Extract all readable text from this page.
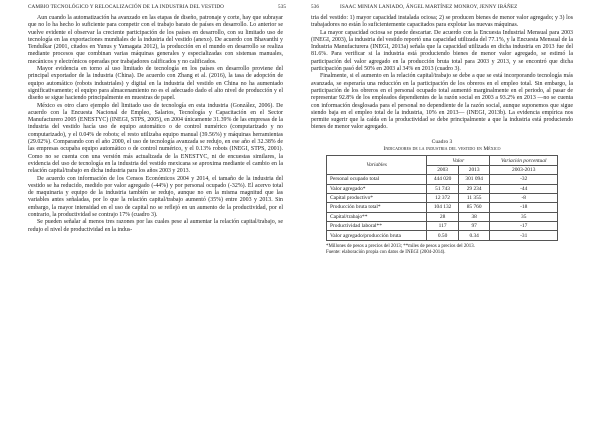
CAMBIO TECNOLÓGICO Y RELOCALIZACIÓN DE LA INDUSTRIA DEL VESTIDO	535

Aun cuando la automatización ha avanzado en las etapas de diseño, patronaje y corte, hay que subrayar que no lo ha hecho lo suficiente para competir con el trabajo barato de países en desarrollo. Lo anterior se vuelve evidente el observar la creciente participación de los países en desarrollo, con su limitado uso de tecnología en las exportaciones mundiales de la industria del vestido (anexo). De acuerdo con Bhavanthi y Tendulkar (2001, citados en Yunus y Yamagata 2012), la producción en el mundo en desarrollo se realiza mediante procesos que combinan varias máquinas generales y especializadas con sistemas manuales, mecánicos y electrónicos operadas por trabajadores calificados y no calificados.

Mayor evidencia en torno al uso limitado de tecnología en los países en desarrollo proviene del principal exportador de la industria (China). De acuerdo con Zhang et al. (2016), la tasa de adopción de equipo automático (robots industriales) y digital en la industria del vestido en China no ha aumentado significativamente; el equipo para almacenamiento no es el adecuado dado el alto nivel de producción y el diseño se sigue haciendo principalmente en muestras de papel.

México es otro claro ejemplo del limitado uso de tecnología en esta industria (González, 2006). De acuerdo con la Encuesta Nacional de Empleo, Salarios, Tecnología y Capacitación en el Sector Manufacturero 2005 (ENESTYC) (INEGI, STPS, 2005), en 2004 únicamente 31.39% de las empresas de la industria del vestido hacía uso de equipo automático o de control numérico (computarizado y no computarizado), y el 0.04% de robots; el resto utilizaba equipo manual (39.56%) y máquinas herramientas (29.02%). Comparando con el año 2000, el uso de tecnología avanzada se redujo, en ese año el 32.38% de las empresas ocupaba equipo automático o de control numérico, y el 0.13% robots (INEGI, STPS, 2001). Como no se cuenta con una versión más actualizada de la ENESTYC, ni de encuestas similares, la evidencia del uso de tecnología en la industria del vestido mexicana se aproxima mediante el cambio en la relación capital/trabajo en dicha industria para los años 2003 y 2013.

De acuerdo con información de los Censos Económicos 2004 y 2014, el tamaño de la industria del vestido se ha reducido, medido por valor agregado (-44%) y por personal ocupado (-32%). El acervo total de maquinaria y equipo de la industria también se redujo, aunque no en la misma magnitud que las variables antes señaladas, por lo que la relación capital/trabajo aumentó (35%) entre 2003 y 2013. Sin embargo, la mayor intensidad en el uso de capital no se reflejó en un aumento de la productividad, por el contrario, la productividad se contrajo 17% (cuadro 3).

Se pueden señalar al menos tres razones por las cuales pese al aumentar la relación capital/trabajo, se redujo el nivel de productividad en la indus-

536	ISAAC MINIAN LANIADO, ÁNGEL MARTÍNEZ MONROY, JENNY IBÁÑEZ

tria del vestido: 1) mayor capacidad instalada ociosa; 2) se producen bienes de menor valor agregado; y 3) los trabajadores no están lo suficientemente capacitados para explotar las nuevas máquinas.

La mayor capacidad ociosa se puede descartar. De acuerdo con la Encuesta Industrial Mensual para 2003 (INEGI, 2003), la industria del vestido reportó una capacidad utilizada del 77.1%, y la Encuesta Mensual de la Industria Manufacturera (INEGI, 2013a) señala que la capacidad utilizada en dicha industria en 2013 fue del 81.6%. Para verificar si la industria está produciendo bienes de menor valor agregado, se estimó la participación del valor agregado en la producción bruta total para 2003 y 2013, y se encontró que dicha participación pasó del 50% en 2003 al 34% en 2013 (cuadro 3).

Finalmente, si el aumento en la relación capital/trabajo se debe a que se está incorporando tecnología más avanzada, se esperaría una reducción en la participación de los obreros en el empleo total. Sin embargo, la participación de los obreros en el personal ocupado total aumentó marginalmente en el periodo, al pasar de representar 92.8% de los empleados dependientes de la razón social en 2003 a 93.2% en 2013 —no se cuenta con información desglosada para el personal no dependiente de la razón social, aunque suponemos que sigue siendo baja en el empleo total de la industria, 10% en 2013— (INEGI, 2013b). La evidencia empírica nos permite sugerir que la caída en la productividad se debe principalmente a que la industria está produciendo bienes de menor valor agregado.

Cuadro 3
Indicadores de la industria del vestido en México
Variables	Valor		Variación porcentual
	2003	2013	2003-2013
Personal ocupado total	444 020	301 094	-32
Valor agregado*	51 743	29 234	-44
Capital productivo*	12 372	11 355	-8
Producción bruta total*	104 132	85 760	-18
Capital/trabajo**	28	38	35
Productividad laboral**	117	97	-17
Valor agregado/producción bruta	0.50	0.34	-31
*Millones de pesos a precios del 2013; **miles de pesos a precios del 2013.
Fuente: elaboración propia con datos de INEGI (2004-2014).
